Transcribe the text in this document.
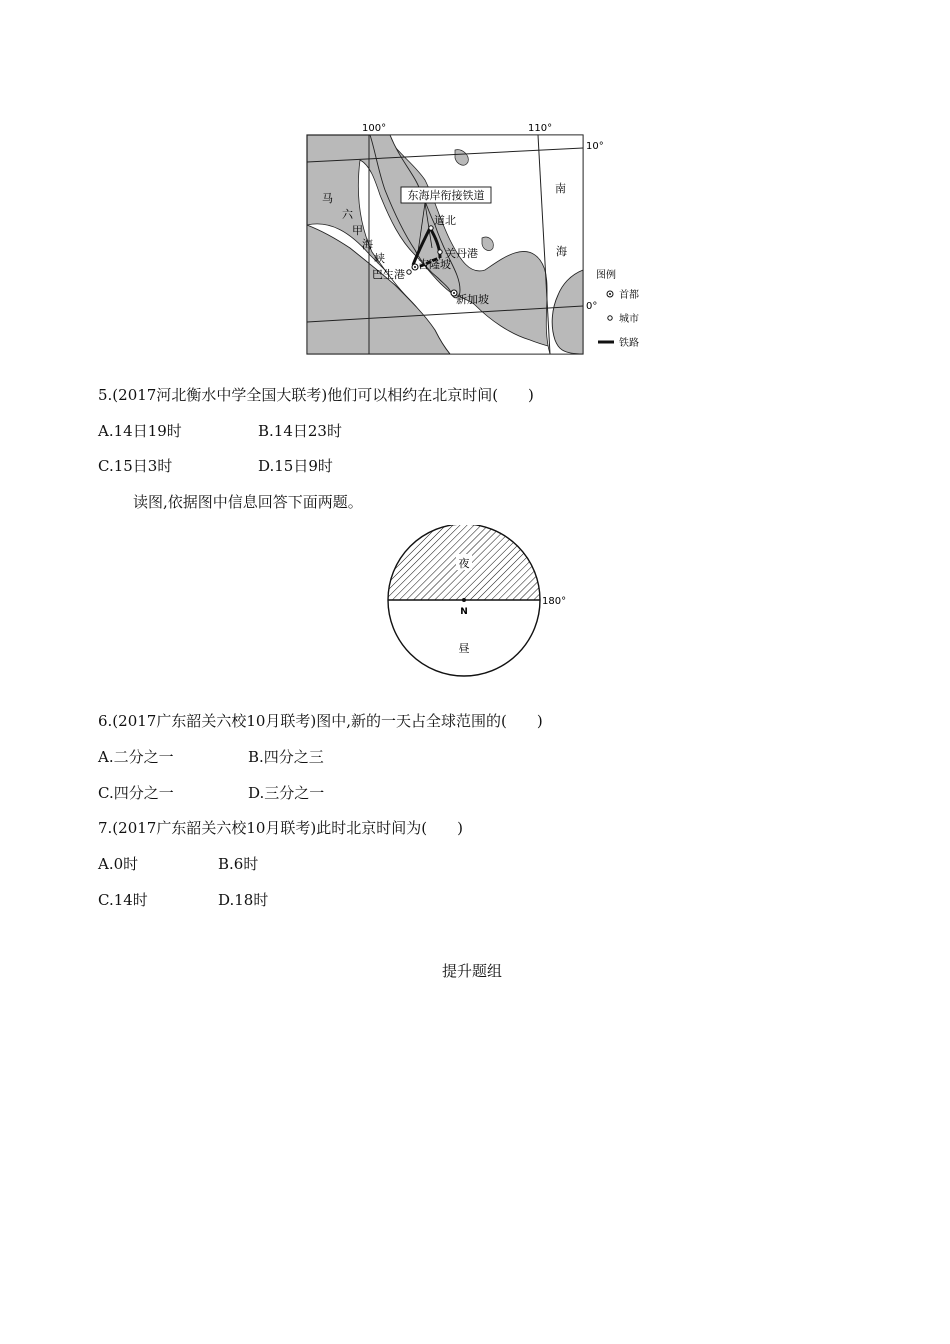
东海岸衔接铁道
道北
关丹港
吉隆坡
巴生港
新加坡
马
六
甲
海
峡
南
海
100°	110°
10°
0°
图例
首都
城市
铁路
5.(2017河北衡水中学全国大联考)他们可以相约在北京时间(　　)
A.14日19时	B.14日23时
C.15日3时	D.15日9时
读图,依据图中信息回答下面两题。
夜
N
昼
180°
6.(2017广东韶关六校10月联考)图中,新的一天占全球范围的(　　)
A.二分之一	B.四分之三
C.四分之一	D.三分之一
7.(2017广东韶关六校10月联考)此时北京时间为(　　)
A.0时	B.6时
C.14时	D.18时
提升题组
